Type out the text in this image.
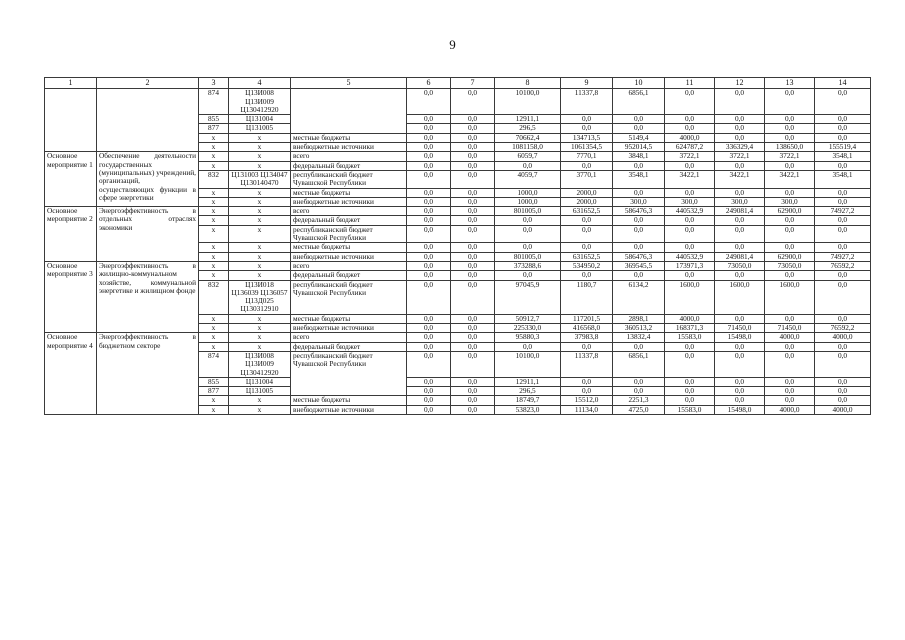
9
1	2	3	4	5	6	7	8	9	10	11	12	13	14
		874	Ц13И008 Ц13И009 Ц130412920		0,0	0,0	10100,0	11337,8	6856,1	0,0	0,0	0,0	0,0
		855	Ц131004		0,0	0,0	12911,1	0,0	0,0	0,0	0,0	0,0	0,0
		877	Ц131005		0,0	0,0	296,5	0,0	0,0	0,0	0,0	0,0	0,0
		x	x	местные бюджеты	0,0	0,0	70662,4	134713,5	5149,4	4000,0	0,0	0,0	0,0
		x	x	внебюджетные источники	0,0	0,0	1081158,0	1061354,5	952014,5	624787,2	336329,4	138650,0	155519,4
Основное мероприятие 1	Обеспечение деятельности государственных (муниципальных) учреждений, организаций, осуществляющих функции в сфере энергетики	x	x	всего	0,0	0,0	6059,7	7770,1	3848,1	3722,1	3722,1	3722,1	3548,1
		x	x	федеральный бюджет	0,0	0,0	0,0	0,0	0,0	0,0	0,0	0,0	0,0
		832	Ц131003 Ц134047 Ц130140470	республиканский бюджет Чувашской Республики	0,0	0,0	4059,7	3770,1	3548,1	3422,1	3422,1	3422,1	3548,1
		x	x	местные бюджеты	0,0	0,0	1000,0	2000,0	0,0	0,0	0,0	0,0	0,0
		x	x	внебюджетные источники	0,0	0,0	1000,0	2000,0	300,0	300,0	300,0	300,0	0,0
Основное мероприятие 2	Энергоэффективность в отдельных отраслях экономики	x	x	всего	0,0	0,0	801005,0	631652,5	586476,3	440532,9	249081,4	62900,0	74927,2
		x	x	федеральный бюджет	0,0	0,0	0,0	0,0	0,0	0,0	0,0	0,0	0,0
		x	x	республиканский бюджет Чувашской Республики	0,0	0,0	0,0	0,0	0,0	0,0	0,0	0,0	0,0
		x	x	местные бюджеты	0,0	0,0	0,0	0,0	0,0	0,0	0,0	0,0	0,0
		x	x	внебюджетные источники	0,0	0,0	801005,0	631652,5	586476,3	440532,9	249081,4	62900,0	74927,2
Основное мероприятие 3	Энергоэффективность в жилищно-коммунальном хозяйстве, коммунальной энергетике и жилищном фонде	x	x	всего	0,0	0,0	373288,6	534950,2	369545,5	173971,3	73050,0	73050,0	76592,2
		x	x	федеральный бюджет	0,0	0,0	0,0	0,0	0,0	0,0	0,0	0,0	0,0
		832	Ц13И018 Ц136039 Ц136057 Ц13Д025 Ц130312910	республиканский бюджет Чувашской Республики	0,0	0,0	97045,9	1180,7	6134,2	1600,0	1600,0	1600,0	0,0
		x	x	местные бюджеты	0,0	0,0	50912,7	117201,5	2898,1	4000,0	0,0	0,0	0,0
		x	x	внебюджетные источники	0,0	0,0	225330,0	416568,0	360513,2	168371,3	71450,0	71450,0	76592,2
Основное мероприятие 4	Энергоэффективность в бюджетном секторе	x	x	всего	0,0	0,0	95880,3	37983,8	13832,4	15583,0	15498,0	4000,0	4000,0
		x	x	федеральный бюджет	0,0	0,0	0,0	0,0	0,0	0,0	0,0	0,0	0,0
		874	Ц13И008 Ц13И009 Ц130412920	республиканский бюджет Чувашской Республики	0,0	0,0	10100,0	11337,8	6856,1	0,0	0,0	0,0	0,0
		855	Ц131004		0,0	0,0	12911,1	0,0	0,0	0,0	0,0	0,0	0,0
		877	Ц131005		0,0	0,0	296,5	0,0	0,0	0,0	0,0	0,0	0,0
		x	x	местные бюджеты	0,0	0,0	18749,7	15512,0	2251,3	0,0	0,0	0,0	0,0
		x	x	внебюджетные источники	0,0	0,0	53823,0	11134,0	4725,0	15583,0	15498,0	4000,0	4000,0
